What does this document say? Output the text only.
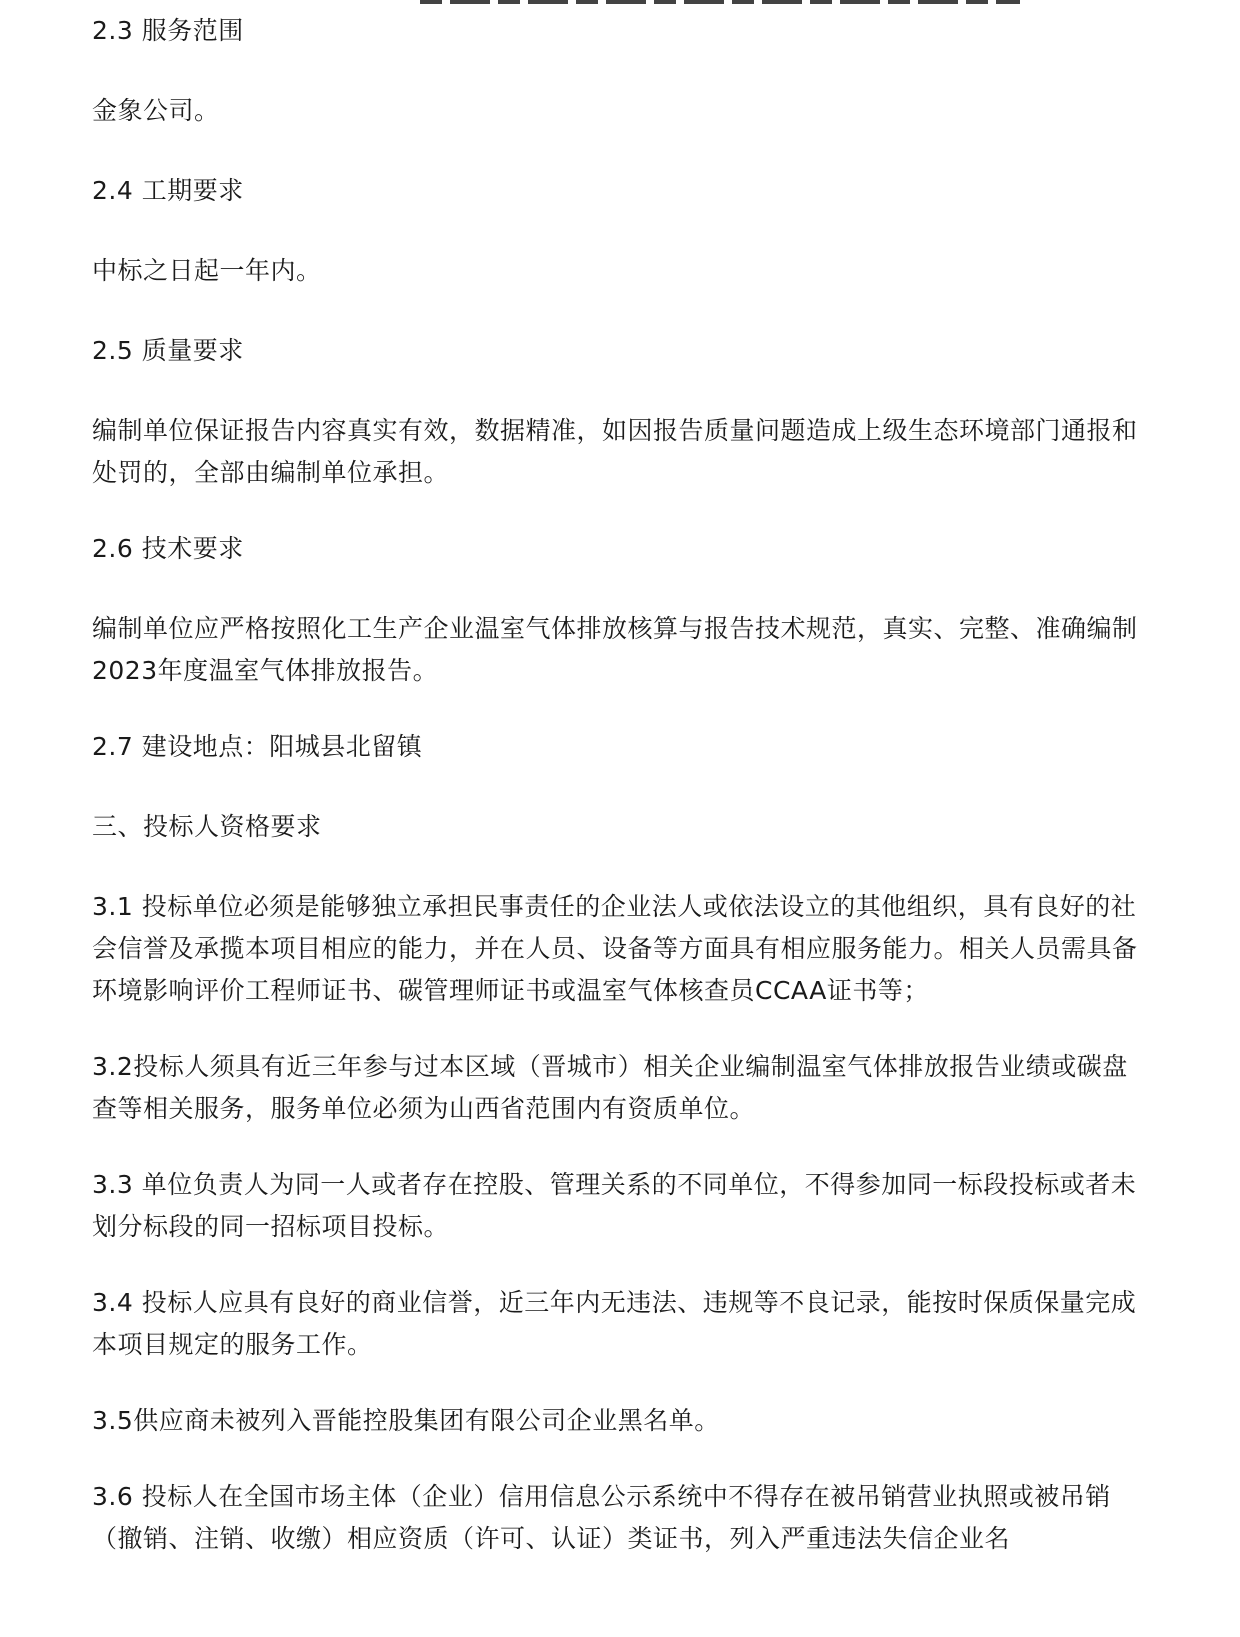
2.3 服务范围

金象公司。

2.4 工期要求

中标之日起一年内。

2.5 质量要求

编制单位保证报告内容真实有效，数据精准，如因报告质量问题造成上级生态环境部门通报和处罚的，全部由编制单位承担。

2.6 技术要求

编制单位应严格按照化工生产企业温室气体排放核算与报告技术规范，真实、完整、准确编制2023年度温室气体排放报告。

2.7 建设地点：阳城县北留镇

三、投标人资格要求

3.1 投标单位必须是能够独立承担民事责任的企业法人或依法设立的其他组织，具有良好的社会信誉及承揽本项目相应的能力，并在人员、设备等方面具有相应服务能力。相关人员需具备环境影响评价工程师证书、碳管理师证书或温室气体核查员CCAA证书等；

3.2投标人须具有近三年参与过本区域（晋城市）相关企业编制温室气体排放报告业绩或碳盘查等相关服务，服务单位必须为山西省范围内有资质单位。

3.3 单位负责人为同一人或者存在控股、管理关系的不同单位，不得参加同一标段投标或者未划分标段的同一招标项目投标。

3.4 投标人应具有良好的商业信誉，近三年内无违法、违规等不良记录，能按时保质保量完成本项目规定的服务工作。

3.5供应商未被列入晋能控股集团有限公司企业黑名单。

3.6 投标人在全国市场主体（企业）信用信息公示系统中不得存在被吊销营业执照或被吊销（撤销、注销、收缴）相应资质（许可、认证）类证书，列入严重违法失信企业名
